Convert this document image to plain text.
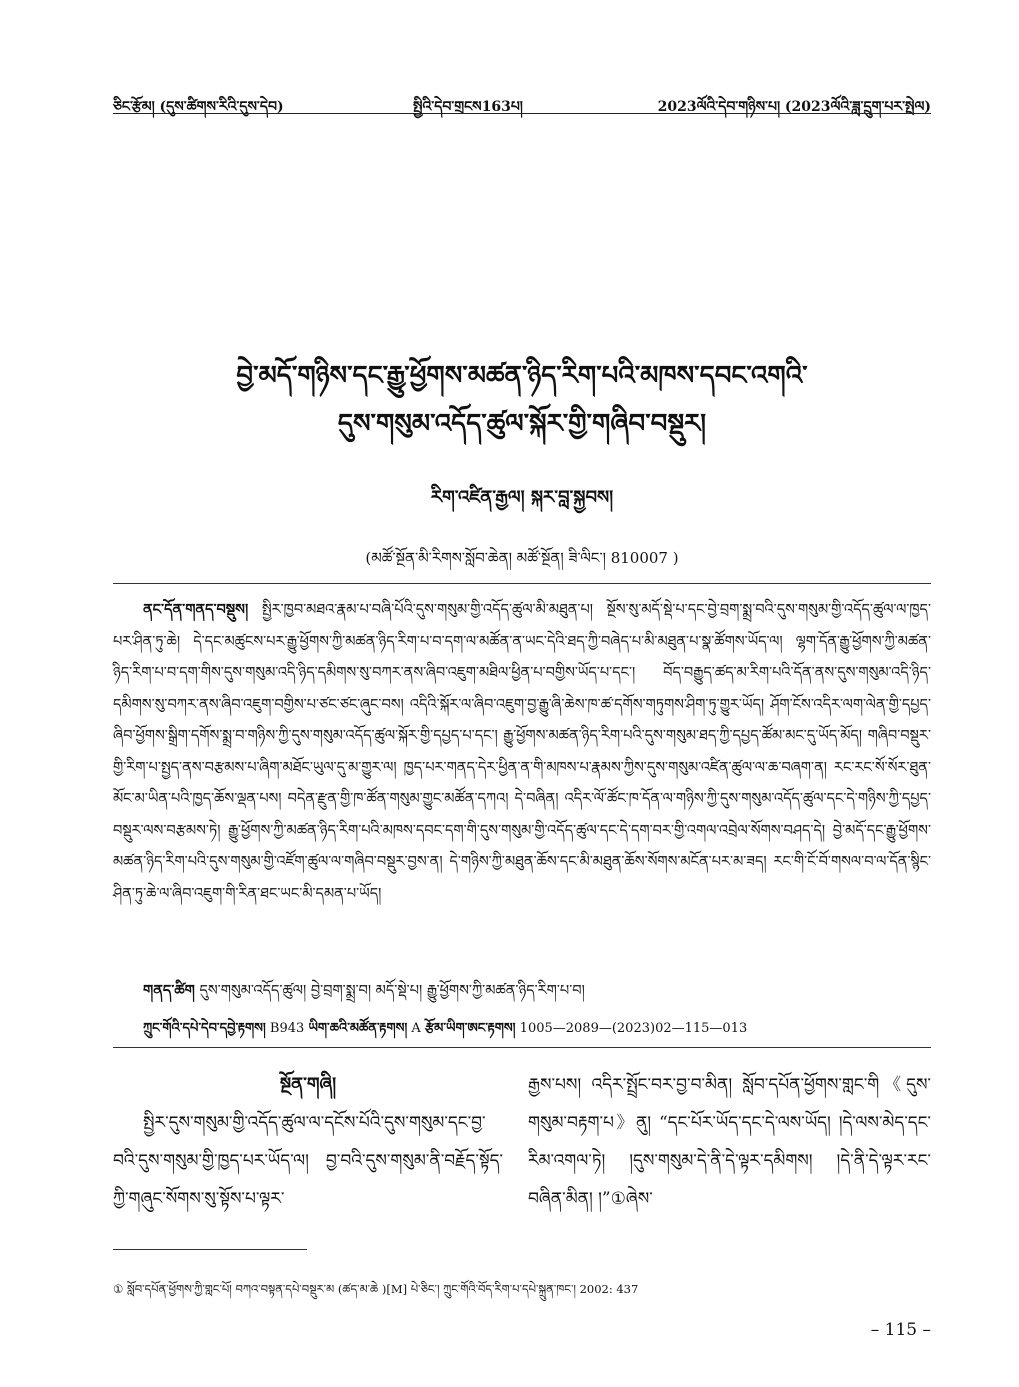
ཅིང་རྩོམ། (དུས་ཚིགས་རིའི་དུས་དེབ)	སྤྱིའི་དེབ་གྲངས163པ།	2023ལོའི་དེབ་གཉིས་པ། (2023ལོའི་ཟླ་དྲུག་པར་སྤེལ)
བྱེ་མདོ་གཉིས་དང་རྒྱུ་ཕྱོགས་མཚན་ཉིད་རིག་པའི་མཁས་དབང་འགའི་
དུས་གསུམ་འདོད་ཚུལ་སྐོར་གྱི་གཞིབ་བསྡུར།
རིག་འཛིན་རྒྱལ། སྐར་བླ་སྐྱབས།
(མཚོ་སྔོན་མི་རིགས་སློབ་ཆེན། མཚོ་སྔོན། ཟི་ལིང་། 810007 )
ནང་དོན་གནད་བསྡུས། སྤྱིར་ཁྱབ་མཐའ་རྣམ་པ་བཞི་པོའི་དུས་གསུམ་གྱི་འདོད་ཚུལ་མི་མཐུན་པ། སྔོས་སུ་མདོ་སྡེ་པ་དང་བྱེ་བྲག་སྨྲ་བའི་དུས་གསུམ་གྱི་འདོད་ཚུལ་ལ་ཁྱད་པར་ཤིན་ཏུ་ཆེ། དེ་དང་མཚུངས་པར་རྒྱུ་ཕྱོགས་ཀྱི་མཚན་ཉིད་རིག་པ་བ་དག་ལ་མཚོན་ན་ཡང་དེའི་ཐད་ཀྱི་བཞེད་པ་མི་མཐུན་པ་སྣ་ཚོགས་ཡོད་ལ། ལྷག་དོན་རྒྱུ་ཕྱོགས་ཀྱི་མཚན་ཉིད་རིག་པ་བ་དག་གིས་དུས་གསུམ་འདི་ཉིད་དམིགས་སུ་བཀར་ནས་ཞིབ་འཇུག་མཐིལ་ཕྱིན་པ་བགྱིས་ཡོད་པ་དང་། བོད་བརྒྱུད་ཚད་མ་རིག་པའི་དོན་ནས་དུས་གསུམ་འདི་ཉིད་དམིགས་སུ་བཀར་ནས་ཞིབ་འཇུག་བགྱིས་པ་ཙང་ཙང་ཞུང་བས། འདིའི་སྐོར་ལ་ཞིབ་འཇུག་བྱ་རྒྱུ་ཞི་ཆེས་ཁ་ཚ་དགོས་གཏུགས་ཤིག་ཏུ་གྱུར་ཡོད། ཤོག་ངོས་འདིར་ལག་ལེན་གྱི་དཔྱད་ཞིབ་ཕྱོགས་སྒྲིག་དགོས་སྨྲ་བ་གཉིས་ཀྱི་དུས་གསུམ་འདོད་ཚུལ་སྐོར་གྱི་དཔྱད་པ་དང་། རྒྱུ་ཕྱོགས་མཚན་ཉིད་རིག་པའི་དུས་གསུམ་ཐད་ཀྱི་དཔྱད་ཚོམ་མང་དུ་ཡོད་མོད། གཞིབ་བསྡུར་གྱི་རིག་པ་སྤྱད་ནས་བརྩམས་པ་ཞིག་མཐོང་ཡུལ་དུ་མ་གྱུར་ལ། ཁྱད་པར་གནད་དེར་ཕྱིན་ན་གི་མཁས་པ་རྣམས་ཀྱིས་དུས་གསུམ་འཛིན་ཚུལ་ལ་ཆ་བཞག་ན། རང་རང་སོ་སོར་ཐུན་མོང་མ་ཡིན་པའི་ཁྱད་ཆོས་ལྡན་པས། བདེན་རྫུན་གྱི་ཁ་ཚོན་གསུམ་གྱུང་མཚོན་དཀའ། དེ་བཞིན། འདིར་ལོ་ཚོང་ཁ་དོན་ལ་གཉིས་ཀྱི་དུས་གསུམ་འདོད་ཚུལ་དང་དེ་གཉིས་ཀྱི་དཔྱད་བསྡུར་ལས་བརྩམས་ཏེ། རྒྱུ་ཕྱོགས་ཀྱི་མཚན་ཉིད་རིག་པའི་མཁས་དབང་དག་གི་དུས་གསུམ་གྱི་འདོད་ཚུལ་དང་དེ་དག་བར་གྱི་འགལ་འབྲེལ་སོགས་བཤད་དེ། བྱེ་མདོ་དང་རྒྱུ་ཕྱོགས་མཚན་ཉིད་རིག་པའི་དུས་གསུམ་གྱི་འཛོག་ཚུལ་ལ་གཞིབ་བསྡུར་བྱས་ན། དེ་གཉིས་ཀྱི་མཐུན་ཆོས་དང་མི་མཐུན་ཆོས་སོགས་མངོན་པར་མ་ཟད། རང་གི་ངོ་བོ་གསལ་བ་ལ་དོན་སྙིང་ཤིན་ཏུ་ཆེ་ལ་ཞིབ་འཇུག་གི་རིན་ཐང་ཡང་མི་དམན་པ་ཡོད།
གནད་ཚིག དུས་གསུམ་འདོད་ཚུལ། བྱེ་བྲག་སྨྲ་བ། མདོ་སྡེ་པ། རྒྱུ་ཕྱོགས་ཀྱི་མཚན་ཉིད་རིག་པ་བ།
ཀྲུང་གོའི་དཔེ་དེབ་དབྱེ་རྟགས། B943 ཡིག་ཆའི་མཚོན་རྟགས། A རྩོམ་ཡིག་ཨང་རྟགས། 1005—2089—(2023)02—115—013
སྔོན་གཞི།

སྤྱིར་དུས་གསུམ་གྱི་འདོད་ཚུལ་ལ་དངོས་པོའི་དུས་གསུམ་དང་བྱ་བའི་དུས་གསུམ་གྱི་ཁྱད་པར་ཡོད་ལ། བྱ་བའི་དུས་གསུམ་ནི་བརྗོད་སྟོད་ཀྱི་གཞུང་སོགས་སུ་སྟོས་པ་ལྟར་

རྒྱས་པས། འདིར་སྤྲོང་བར་བྱ་བ་མིན། སློབ་དཔོན་ཕྱོགས་གླང་གི《དུས་གསུམ་བརྟག་པ》ནུ། “དང་པོར་ཡོད་དང་དེ་ལས་ཡོད། །དེ་ལས་མེད་དང་རིམ་འགལ་ཏེ། །དུས་གསུམ་དེ་ནི་དེ་ལྟར་དམིགས། །དེ་ནི་དེ་ལྟར་རང་བཞིན་མིན། །”①ཞེས་

① སློབ་དཔོན་ཕྱོགས་ཀྱི་གླང་པོ། བཀའ་བསྟན་དཔེ་བསྡུར་མ (ཚད་མ་ཆེ )[M] པེ་ཅིང་། ཀྲུང་གོའི་བོད་རིག་པ་དཔེ་སྐྲུན་ཁང་། 2002: 437
– 115 –
